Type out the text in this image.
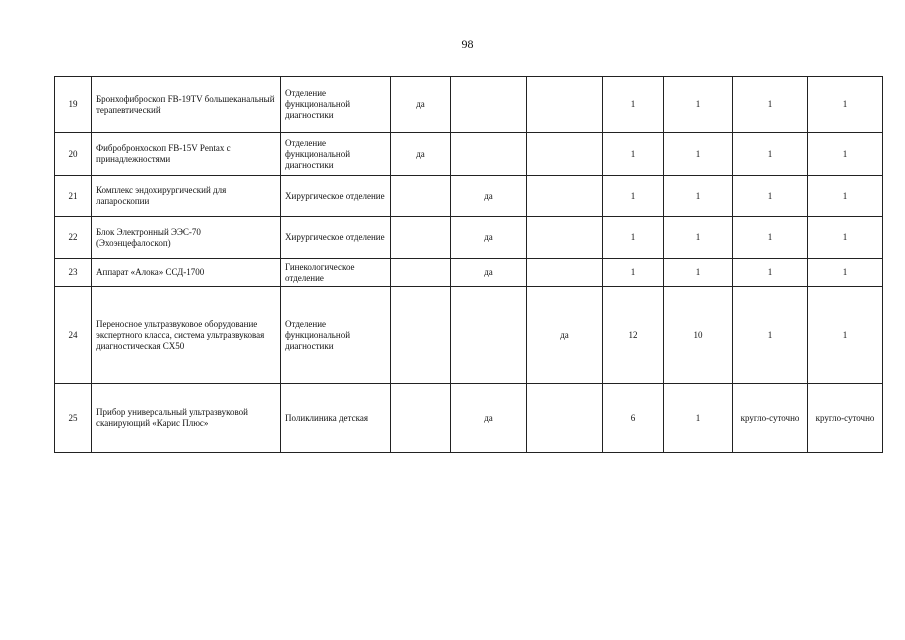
98
19	Бронхофиброскоп FB-19TV большеканальный терапевтический	Отделение функциональной диагностики	да			1	1	1	1
20	Фибробронхоскоп FB-15V Pentax с принадлежностями	Отделение функциональной диагностики	да			1	1	1	1
21	Комплекс эндохирургический для лапароскопии	Хирургическое отделение		да		1	1	1	1
22	Блок Электронный ЭЭС-70 (Эхоэнцефалоскоп)	Хирургическое отделение		да		1	1	1	1
23	Аппарат «Алока» ССД-1700	Гинекологическое отделение		да		1	1	1	1
24	Переносное ультразвуковое оборудование экспертного класса, система ультразвуковая диагностическая CX50	Отделение функциональной диагностики			да	12	10	1	1
25	Прибор универсальный ультразвуковой сканирующий «Карис Плюс»	Поликлиника детская		да		6	1	кругло-суточно	кругло-суточно
